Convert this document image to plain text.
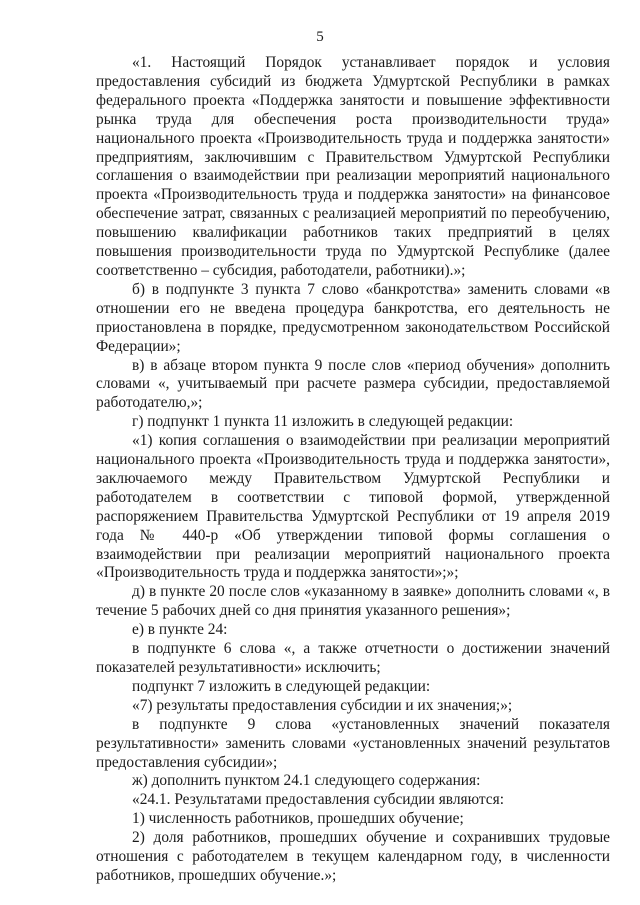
5

«1. Настоящий Порядок устанавливает порядок и условия предоставления субсидий из бюджета Удмуртской Республики в рамках федерального проекта «Поддержка занятости и повышение эффективности рынка труда для обеспечения роста производительности труда» национального проекта «Производительность труда и поддержка занятости» предприятиям, заключившим с Правительством Удмуртской Республики соглашения о взаимодействии при реализации мероприятий национального проекта «Производительность труда и поддержка занятости» на финансовое обеспечение затрат, связанных с реализацией мероприятий по переобучению, повышению квалификации работников таких предприятий в целях повышения производительности труда по Удмуртской Республике (далее соответственно – субсидия, работодатели, работники).»;

б) в подпункте 3 пункта 7 слово «банкротства» заменить словами «в отношении его не введена процедура банкротства, его деятельность не приостановлена в порядке, предусмотренном законодательством Российской Федерации»;

в) в абзаце втором пункта 9 после слов «период обучения» дополнить словами «, учитываемый при расчете размера субсидии, предоставляемой работодателю,»;

г) подпункт 1 пункта 11 изложить в следующей редакции:

«1) копия соглашения о взаимодействии при реализации мероприятий национального проекта «Производительность труда и поддержка занятости», заключаемого между Правительством Удмуртской Республики и работодателем в соответствии с типовой формой, утвержденной распоряжением Правительства Удмуртской Республики от 19 апреля 2019 года № 440-р «Об утверждении типовой формы соглашения о взаимодействии при реализации мероприятий национального проекта «Производительность труда и поддержка занятости»;»;

д) в пункте 20 после слов «указанному в заявке» дополнить словами «, в течение 5 рабочих дней со дня принятия указанного решения»;

е) в пункте 24:

в подпункте 6 слова «, а также отчетности о достижении значений показателей результативности» исключить;

подпункт 7 изложить в следующей редакции:

«7) результаты предоставления субсидии и их значения;»;

в подпункте 9 слова «установленных значений показателя результативности» заменить словами «установленных значений результатов предоставления субсидии»;

ж) дополнить пунктом 24.1 следующего содержания:

«24.1. Результатами предоставления субсидии являются:

1) численность работников, прошедших обучение;

2) доля работников, прошедших обучение и сохранивших трудовые отношения с работодателем в текущем календарном году, в численности работников, прошедших обучение.»;
